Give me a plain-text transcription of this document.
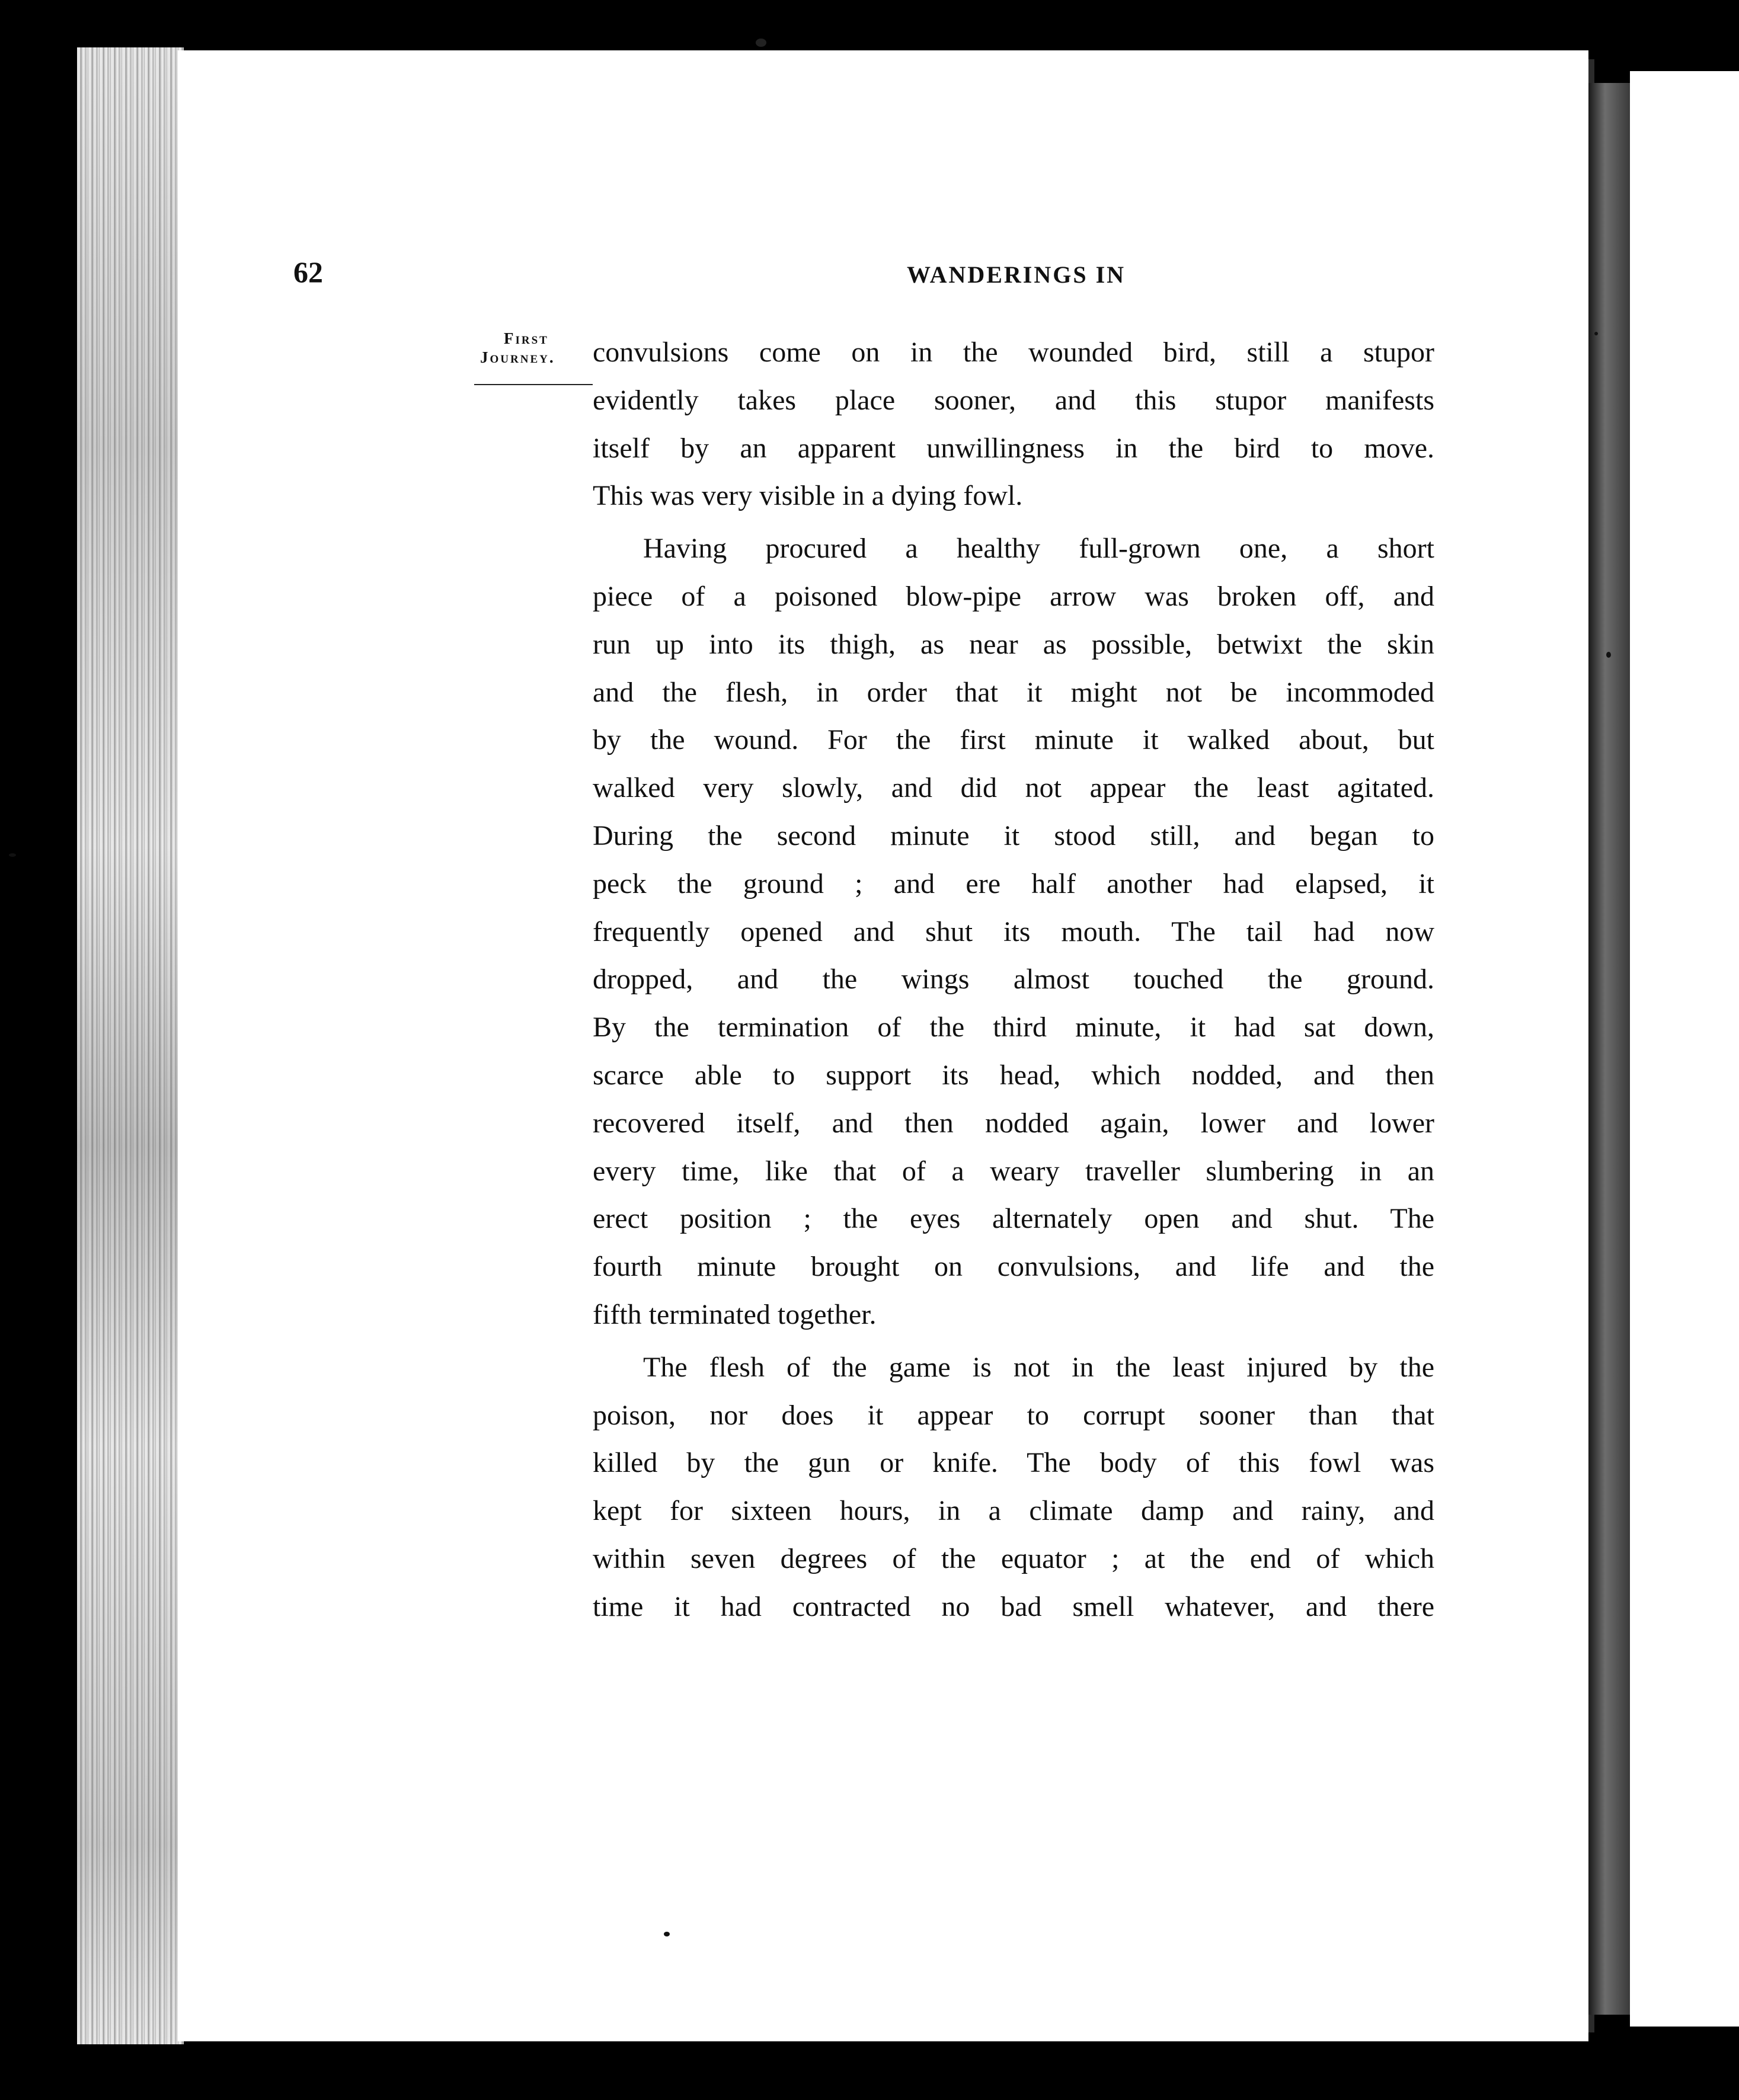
62	WANDERINGS IN
First
Journey.	convulsions come on in the wounded bird, still a stupor
evidently takes place sooner, and this stupor manifests
itself by an apparent unwillingness in the bird to move.
This was very visible in a dying fowl.
Having procured a healthy full-grown one, a short
piece of a poisoned blow-pipe arrow was broken off, and
run up into its thigh, as near as possible, betwixt the skin
and the flesh, in order that it might not be incommoded
by the wound. For the first minute it walked about, but
walked very slowly, and did not appear the least agitated.
During the second minute it stood still, and began to
peck the ground ; and ere half another had elapsed, it
frequently opened and shut its mouth. The tail had now
dropped, and the wings almost touched the ground.
By the termination of the third minute, it had sat down,
scarce able to support its head, which nodded, and then
recovered itself, and then nodded again, lower and lower
every time, like that of a weary traveller slumbering in an
erect position ; the eyes alternately open and shut. The
fourth minute brought on convulsions, and life and the
fifth terminated together.
The flesh of the game is not in the least injured by the
poison, nor does it appear to corrupt sooner than that
killed by the gun or knife. The body of this fowl was
kept for sixteen hours, in a climate damp and rainy, and
within seven degrees of the equator ; at the end of which
time it had contracted no bad smell whatever, and there
